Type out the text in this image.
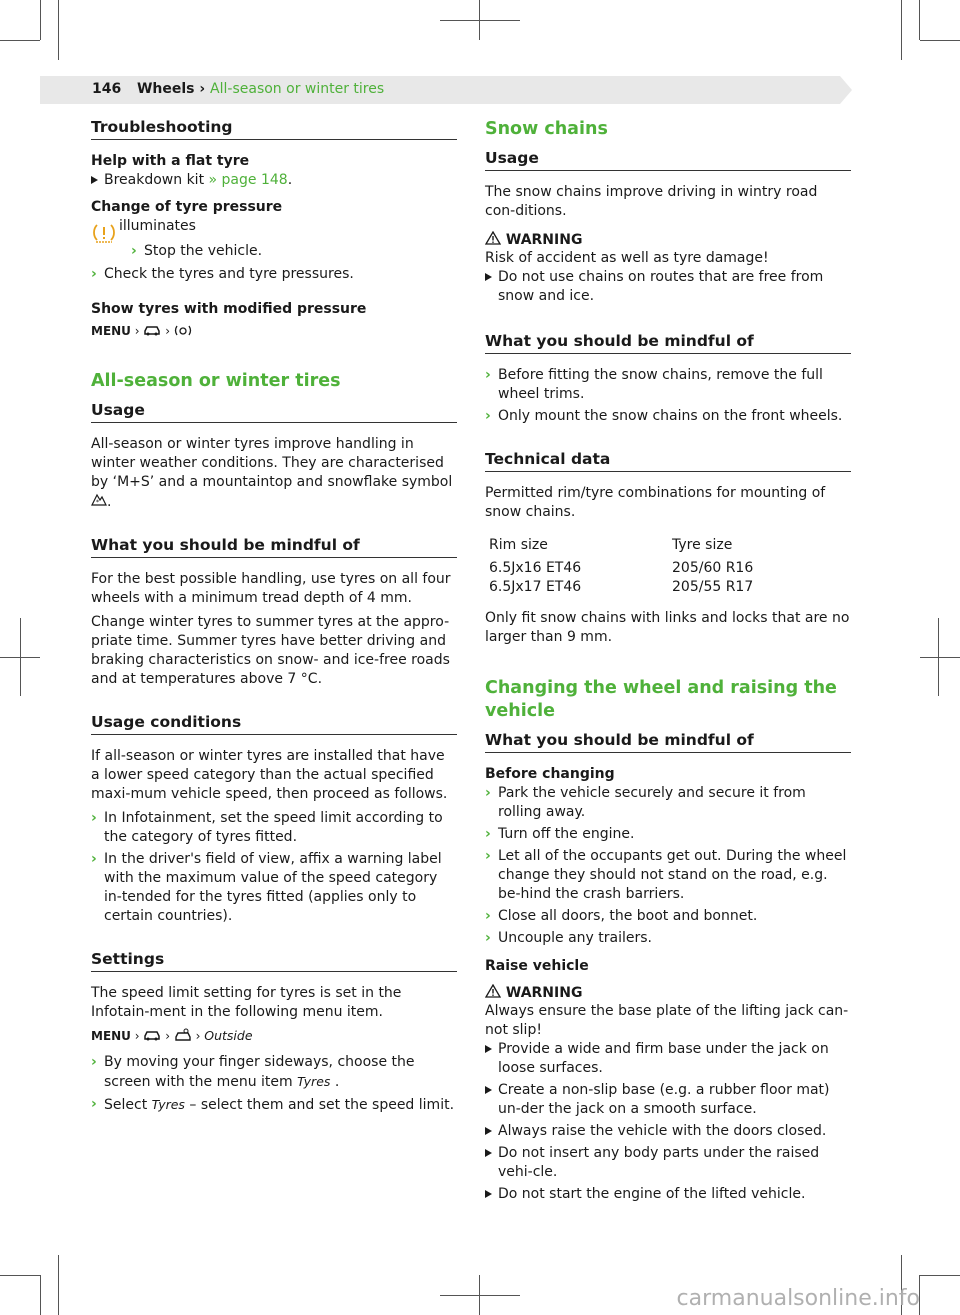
146 Wheels › All-season or winter tires
Troubleshooting

Help with a flat tyre

Breakdown kit » page 148.

Change of tyre pressure

illuminates

› Stop the vehicle.
› Check the tyres and tyre pressures.

Show tyres with modified pressure

MENU ›  ›
All-season or winter tires
Usage

All-season or winter tyres improve handling in winter weather conditions. They are characterised by ‘M+S’ and a mountaintop and snowflake symbol
* .

What you should be mindful of

For the best possible handling, use tyres on all four wheels with a minimum tread depth of 4 mm.

Change winter tyres to summer tyres at the appro-priate time. Summer tyres have better driving and braking characteristics on snow- and ice-free roads and at temperatures above 7 °C.

Usage conditions

If all-season or winter tyres are installed that have a lower speed category than the actual specified maxi-mum vehicle speed, then proceed as follows.

› In Infotainment, set the speed limit according to the category of tyres fitted.
› In the driver's field of view, affix a warning label with the maximum value of the speed category in-tended for the tyres fitted (applies only to certain countries).
Settings

The speed limit setting for tyres is set in the Infotain-ment in the following menu item.

MENU ›  ›  › Outside
› By moving your finger sideways, choose the screen with the menu item Tyres .
› Select Tyres – select them and set the speed limit.
Snow chains
Usage

The snow chains improve driving in wintry road con-ditions.

WARNING

Risk of accident as well as tyre damage!

Do not use chains on routes that are free from snow and ice.
What you should be mindful of
› Before fitting the snow chains, remove the full wheel trims.
› Only mount the snow chains on the front wheels.
Technical data

Permitted rim/tyre combinations for mounting of snow chains.

Rim size	Tyre size

6.5Jx16 ET46	205/60 R16
6.5Jx17 ET46	205/55 R17

Only fit snow chains with links and locks that are no larger than 9 mm.

Changing the wheel and raising the vehicle
What you should be mindful of

Before changing

› Park the vehicle securely and secure it from rolling away.
› Turn off the engine.
› Let all of the occupants get out. During the wheel change they should not stand on the road, e.g. be-hind the crash barriers.
› Close all doors, the boot and bonnet.
› Uncouple any trailers.

Raise vehicle

WARNING

Always ensure the base plate of the lifting jack can-not slip!

Provide a wide and firm base under the jack on loose surfaces.
Create a non-slip base (e.g. a rubber floor mat) un-der the jack on a smooth surface.
Always raise the vehicle with the doors closed.
Do not insert any body parts under the raised vehi-cle.
Do not start the engine of the lifted vehicle.
carmanualsonline.info
